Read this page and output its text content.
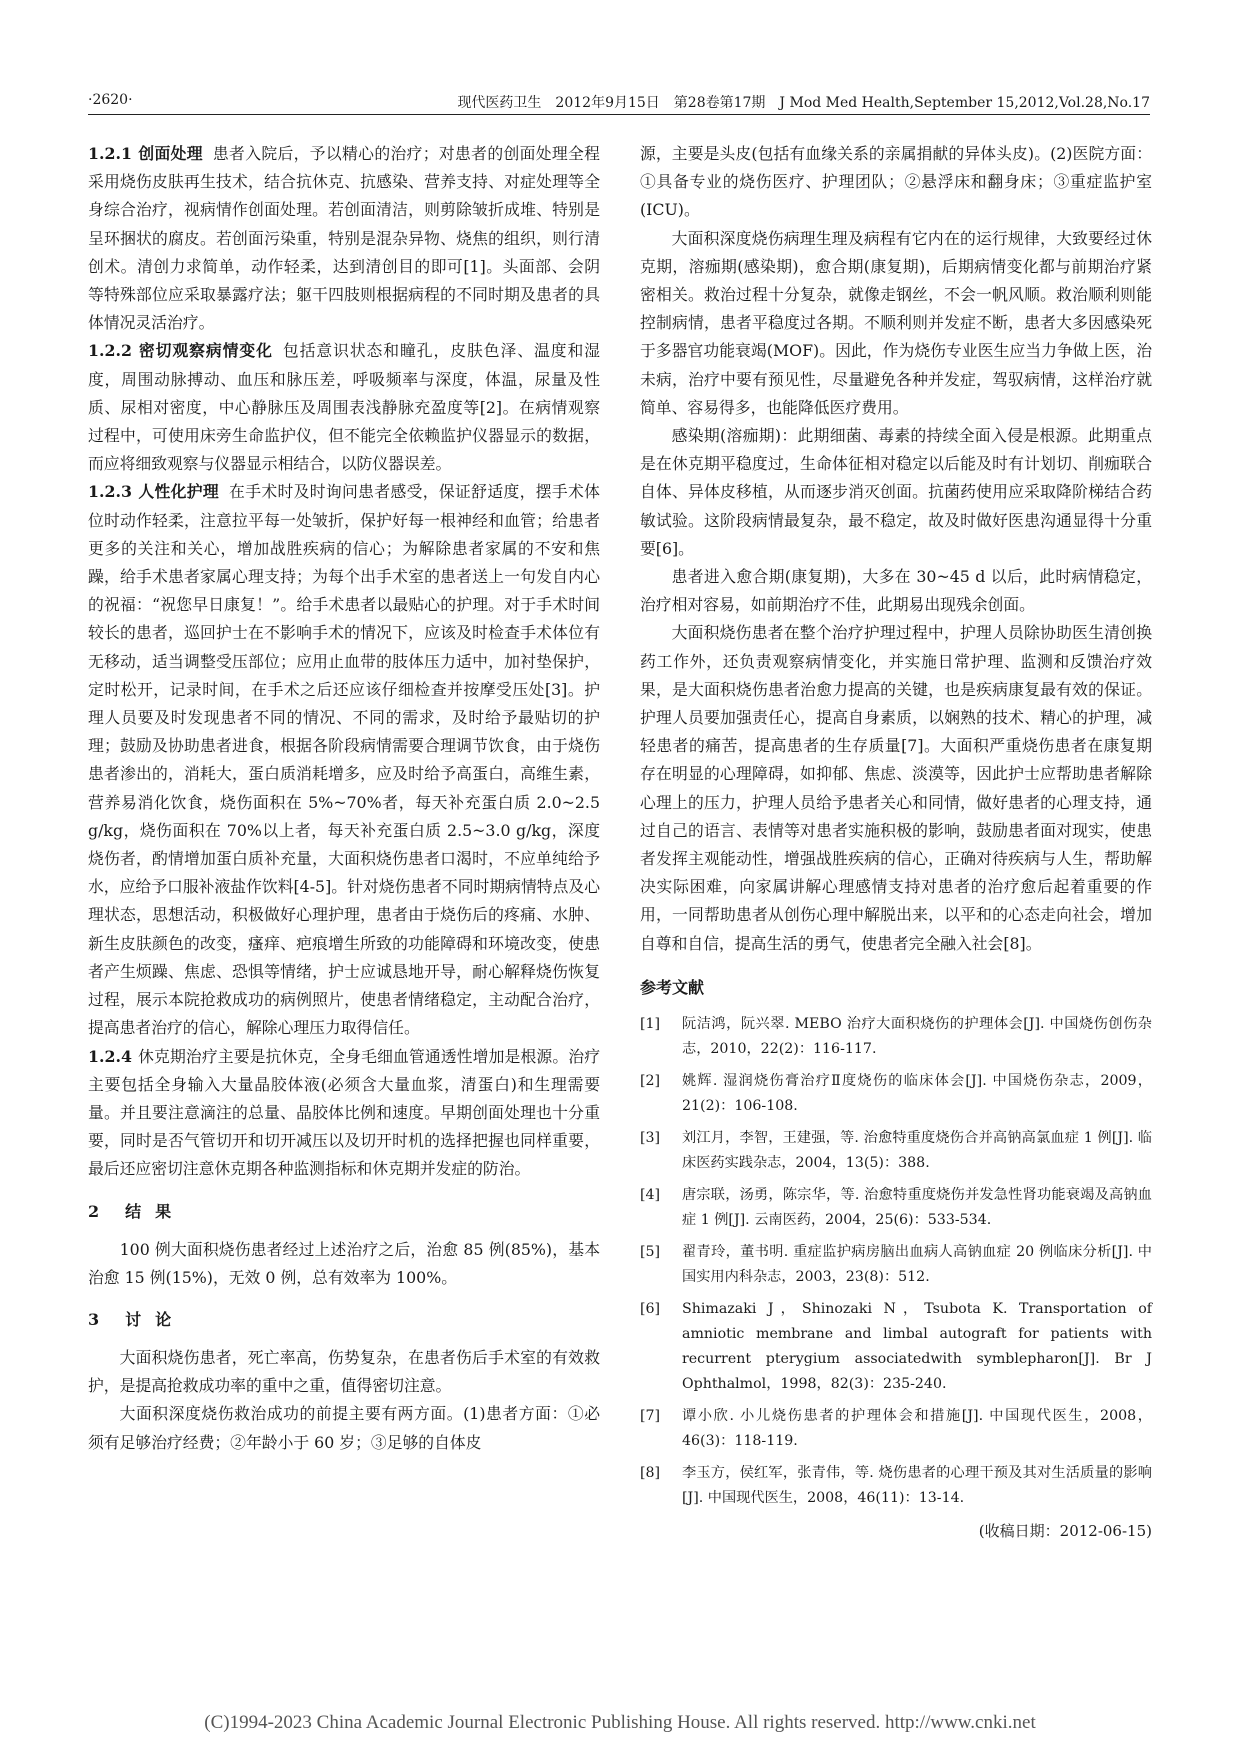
·2620·	现代医药卫生　2012年9月15日　第28卷第17期　J Mod Med Health,September 15,2012,Vol.28,No.17

1.2.1 创面处理 患者入院后，予以精心的治疗；对患者的创面处理全程采用烧伤皮肤再生技术，结合抗休克、抗感染、营养支持、对症处理等全身综合治疗，视病情作创面处理。若创面清洁，则剪除皱折成堆、特别是呈环捆状的腐皮。若创面污染重，特别是混杂异物、烧焦的组织，则行清创术。清创力求简单，动作轻柔，达到清创目的即可[1]。头面部、会阴等特殊部位应采取暴露疗法；躯干四肢则根据病程的不同时期及患者的具体情况灵活治疗。

1.2.2 密切观察病情变化 包括意识状态和瞳孔，皮肤色泽、温度和湿度，周围动脉搏动、血压和脉压差，呼吸频率与深度，体温，尿量及性质、尿相对密度，中心静脉压及周围表浅静脉充盈度等[2]。在病情观察过程中，可使用床旁生命监护仪，但不能完全依赖监护仪器显示的数据，而应将细致观察与仪器显示相结合，以防仪器误差。

1.2.3 人性化护理 在手术时及时询问患者感受，保证舒适度，摆手术体位时动作轻柔，注意拉平每一处皱折，保护好每一根神经和血管；给患者更多的关注和关心，增加战胜疾病的信心；为解除患者家属的不安和焦躁，给手术患者家属心理支持；为每个出手术室的患者送上一句发自内心的祝福：“祝您早日康复！”。给手术患者以最贴心的护理。对于手术时间较长的患者，巡回护士在不影响手术的情况下，应该及时检查手术体位有无移动，适当调整受压部位；应用止血带的肢体压力适中，加衬垫保护，定时松开，记录时间，在手术之后还应该仔细检查并按摩受压处[3]。护理人员要及时发现患者不同的情况、不同的需求，及时给予最贴切的护理；鼓励及协助患者进食，根据各阶段病情需要合理调节饮食，由于烧伤患者渗出的，消耗大，蛋白质消耗增多，应及时给予高蛋白，高维生素，营养易消化饮食，烧伤面积在 5%~70%者，每天补充蛋白质 2.0~2.5 g/kg，烧伤面积在 70%以上者，每天补充蛋白质 2.5~3.0 g/kg，深度烧伤者，酌情增加蛋白质补充量，大面积烧伤患者口渴时，不应单纯给予水，应给予口服补液盐作饮料[4-5]。针对烧伤患者不同时期病情特点及心理状态，思想活动，积极做好心理护理，患者由于烧伤后的疼痛、水肿、新生皮肤颜色的改变，瘙痒、疤痕增生所致的功能障碍和环境改变，使患者产生烦躁、焦虑、恐惧等情绪，护士应诚恳地开导，耐心解释烧伤恢复过程，展示本院抢救成功的病例照片，使患者情绪稳定，主动配合治疗，提高患者治疗的信心，解除心理压力取得信任。

1.2.4 休克期治疗主要是抗休克，全身毛细血管通透性增加是根源。治疗主要包括全身输入大量晶胶体液(必须含大量血浆，清蛋白)和生理需要量。并且要注意滴注的总量、晶胶体比例和速度。早期创面处理也十分重要，同时是否气管切开和切开减压以及切开时机的选择把握也同样重要，最后还应密切注意休克期各种监测指标和休克期并发症的防治。

2 结果

100 例大面积烧伤患者经过上述治疗之后，治愈 85 例(85%)，基本治愈 15 例(15%)，无效 0 例，总有效率为 100%。

3 讨论

大面积烧伤患者，死亡率高，伤势复杂，在患者伤后手术室的有效救护，是提高抢救成功率的重中之重，值得密切注意。

大面积深度烧伤救治成功的前提主要有两方面。(1)患者方面：①必须有足够治疗经费；②年龄小于 60 岁；③足够的自体皮

源，主要是头皮(包括有血缘关系的亲属捐献的异体头皮)。(2)医院方面：①具备专业的烧伤医疗、护理团队；②悬浮床和翻身床；③重症监护室(ICU)。

大面积深度烧伤病理生理及病程有它内在的运行规律，大致要经过休克期，溶痂期(感染期)，愈合期(康复期)，后期病情变化都与前期治疗紧密相关。救治过程十分复杂，就像走钢丝，不会一帆风顺。救治顺利则能控制病情，患者平稳度过各期。不顺利则并发症不断，患者大多因感染死于多器官功能衰竭(MOF)。因此，作为烧伤专业医生应当力争做上医，治未病，治疗中要有预见性，尽量避免各种并发症，驾驭病情，这样治疗就简单、容易得多，也能降低医疗费用。

感染期(溶痂期)：此期细菌、毒素的持续全面入侵是根源。此期重点是在休克期平稳度过，生命体征相对稳定以后能及时有计划切、削痂联合自体、异体皮移植，从而逐步消灭创面。抗菌药使用应采取降阶梯结合药敏试验。这阶段病情最复杂，最不稳定，故及时做好医患沟通显得十分重要[6]。

患者进入愈合期(康复期)，大多在 30~45 d 以后，此时病情稳定，治疗相对容易，如前期治疗不佳，此期易出现残余创面。

大面积烧伤患者在整个治疗护理过程中，护理人员除协助医生清创换药工作外，还负责观察病情变化，并实施日常护理、监测和反馈治疗效果，是大面积烧伤患者治愈力提高的关键，也是疾病康复最有效的保证。护理人员要加强责任心，提高自身素质，以娴熟的技术、精心的护理，减轻患者的痛苦，提高患者的生存质量[7]。大面积严重烧伤患者在康复期存在明显的心理障碍，如抑郁、焦虑、淡漠等，因此护士应帮助患者解除心理上的压力，护理人员给予患者关心和同情，做好患者的心理支持，通过自己的语言、表情等对患者实施积极的影响，鼓励患者面对现实，使患者发挥主观能动性，增强战胜疾病的信心，正确对待疾病与人生，帮助解决实际困难，向家属讲解心理感情支持对患者的治疗愈后起着重要的作用，一同帮助患者从创伤心理中解脱出来，以平和的心态走向社会，增加自尊和自信，提高生活的勇气，使患者完全融入社会[8]。

参考文献
[1] 阮洁鸿，阮兴翠. MEBO 治疗大面积烧伤的护理体会[J]. 中国烧伤创伤杂志，2010，22(2)：116-117.
[2] 姚辉. 湿润烧伤膏治疗Ⅱ度烧伤的临床体会[J]. 中国烧伤杂志，2009，21(2)：106-108.
[3] 刘江月，李智，王建强，等. 治愈特重度烧伤合并高钠高氯血症 1 例[J]. 临床医药实践杂志，2004，13(5)：388.
[4] 唐宗联，汤勇，陈宗华，等. 治愈特重度烧伤并发急性肾功能衰竭及高钠血症 1 例[J]. 云南医药，2004，25(6)：533-534.
[5] 翟青玲，董书明. 重症监护病房脑出血病人高钠血症 20 例临床分析[J]. 中国实用内科杂志，2003，23(8)：512.
[6] Shimazaki J，Shinozaki N，Tsubota K. Transportation of amniotic membrane and limbal autograft for patients with recurrent pterygium associatedwith symblepharon[J]. Br J Ophthalmol，1998，82(3)：235-240.
[7] 谭小欣. 小儿烧伤患者的护理体会和措施[J]. 中国现代医生，2008，46(3)：118-119.
[8] 李玉方，侯红军，张青伟，等. 烧伤患者的心理干预及其对生活质量的影响[J]. 中国现代医生，2008，46(11)：13-14.
(收稿日期：2012-06-15)
(C)1994-2023 China Academic Journal Electronic Publishing House. All rights reserved. http://www.cnki.net
